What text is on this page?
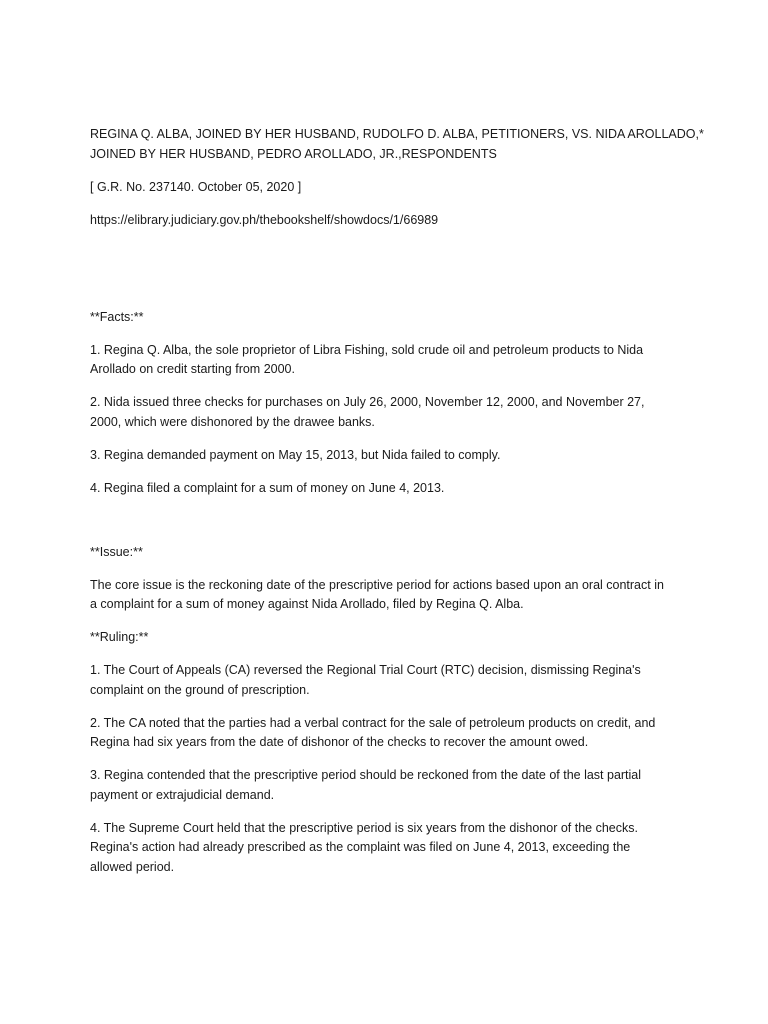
REGINA Q. ALBA, JOINED BY HER HUSBAND, RUDOLFO D. ALBA, PETITIONERS, VS. NIDA AROLLADO,*
JOINED BY HER HUSBAND, PEDRO AROLLADO, JR.,RESPONDENTS

[ G.R. No. 237140. October 05, 2020 ]

https://elibrary.judiciary.gov.ph/thebookshelf/showdocs/1/66989

**Facts:**

1. Regina Q. Alba, the sole proprietor of Libra Fishing, sold crude oil and petroleum products to Nida
Arollado on credit starting from 2000.

2. Nida issued three checks for purchases on July 26, 2000, November 12, 2000, and November 27,
2000, which were dishonored by the drawee banks.

3. Regina demanded payment on May 15, 2013, but Nida failed to comply.

4. Regina filed a complaint for a sum of money on June 4, 2013.

**Issue:**

The core issue is the reckoning date of the prescriptive period for actions based upon an oral contract in
a complaint for a sum of money against Nida Arollado, filed by Regina Q. Alba.

**Ruling:**

1. The Court of Appeals (CA) reversed the Regional Trial Court (RTC) decision, dismissing Regina's
complaint on the ground of prescription.

2. The CA noted that the parties had a verbal contract for the sale of petroleum products on credit, and
Regina had six years from the date of dishonor of the checks to recover the amount owed.

3. Regina contended that the prescriptive period should be reckoned from the date of the last partial
payment or extrajudicial demand.

4. The Supreme Court held that the prescriptive period is six years from the dishonor of the checks.
Regina's action had already prescribed as the complaint was filed on June 4, 2013, exceeding the
allowed period.
